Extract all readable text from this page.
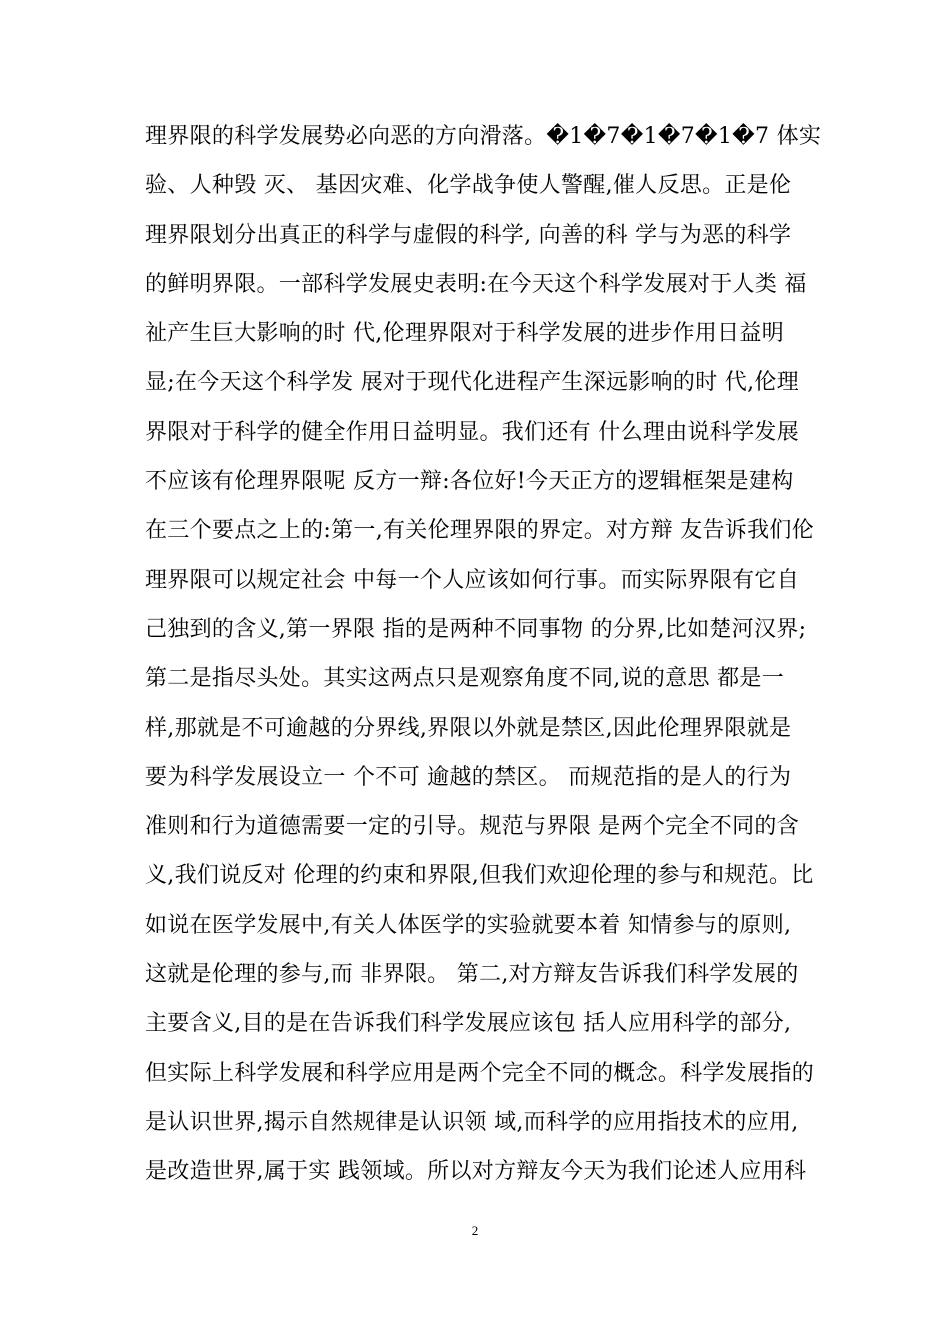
理界限的科学发展势必向恶的方向滑落。�1�7�1�7�1�7 体实
验、人种毁 灭、 基因灾难、化学战争使人警醒,催人反思。正是伦
理界限划分出真正的科学与虚假的科学, 向善的科 学与为恶的科学
的鲜明界限。一部科学发展史表明:在今天这个科学发展对于人类 福
祉产生巨大影响的时 代,伦理界限对于科学发展的进步作用日益明
显;在今天这个科学发 展对于现代化进程产生深远影响的时 代,伦理
界限对于科学的健全作用日益明显。我们还有 什么理由说科学发展
不应该有伦理界限呢 反方一辩:各位好!今天正方的逻辑框架是建构
在三个要点之上的:第一,有关伦理界限的界定。对方辩 友告诉我们伦
理界限可以规定社会 中每一个人应该如何行事。而实际界限有它自
己独到的含义,第一界限 指的是两种不同事物 的分界,比如楚河汉界;
第二是指尽头处。其实这两点只是观察角度不同,说的意思 都是一
样,那就是不可逾越的分界线,界限以外就是禁区,因此伦理界限就是
要为科学发展设立一 个不可 逾越的禁区。 而规范指的是人的行为
准则和行为道德需要一定的引导。规范与界限 是两个完全不同的含
义,我们说反对 伦理的约束和界限,但我们欢迎伦理的参与和规范。比
如说在医学发展中,有关人体医学的实验就要本着 知情参与的原则,
这就是伦理的参与,而 非界限。 第二,对方辩友告诉我们科学发展的
主要含义,目的是在告诉我们科学发展应该包 括人应用科学的部分,
但实际上科学发展和科学应用是两个完全不同的概念。科学发展指的
是认识世界,揭示自然规律是认识领 域,而科学的应用指技术的应用,
是改造世界,属于实 践领域。所以对方辩友今天为我们论述人应用科
2
